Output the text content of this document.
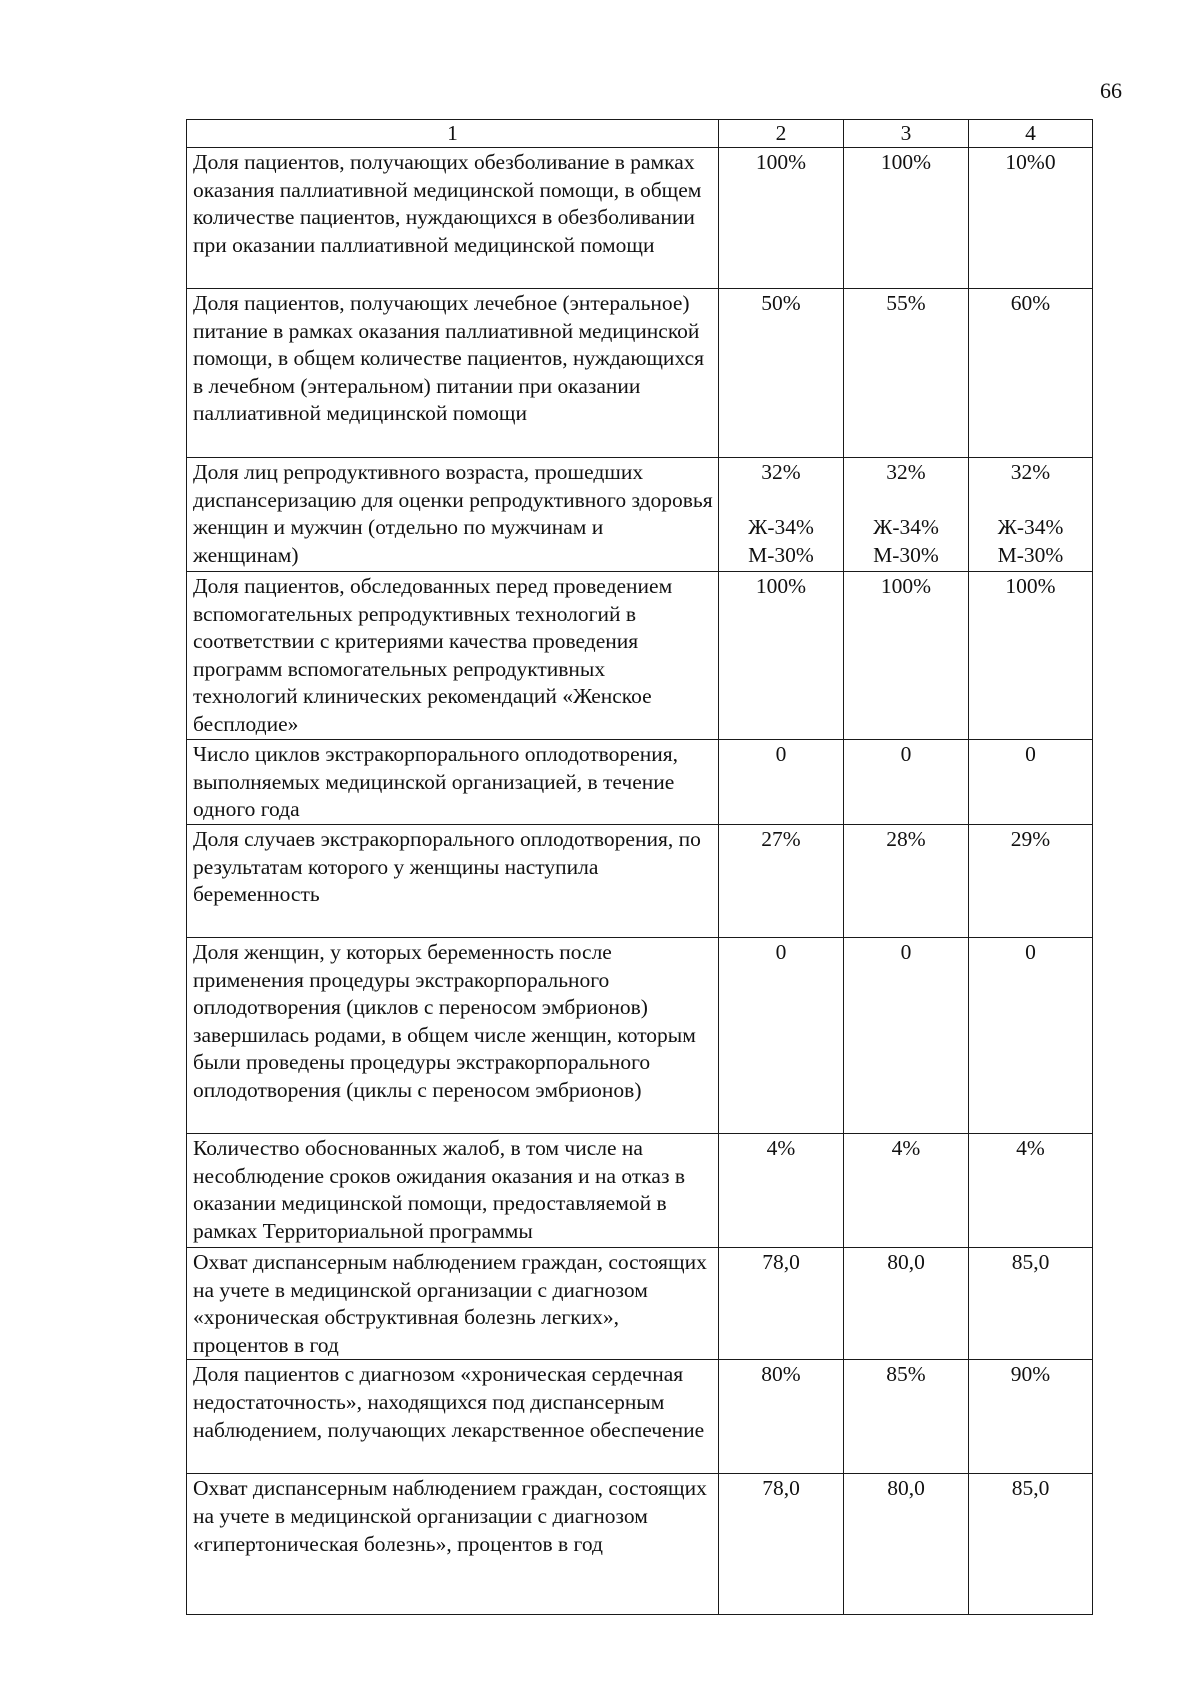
66
1	2	3	4

Доля пациентов, получающих обезболивание в рамках оказания паллиативной медицинской помощи, в общем количестве пациентов, нуждающихся в обезболивании при оказании паллиативной медицинской помощи	100%	100%	10%0

Доля пациентов, получающих лечебное (энтеральное) питание в рамках оказания паллиативной медицинской помощи, в общем количестве пациентов, нуждающихся в лечебном (энтеральном) питании при оказании паллиативной медицинской помощи	50%	55%	60%

Доля лиц репродуктивного возраста, прошедших диспансеризацию для оценки репродуктивного здоровья женщин и мужчин (отдельно по мужчинам и женщинам)	32%
Ж-34%
М-30%	32%
Ж-34%
М-30%	32%
Ж-34%
М-30%

Доля пациентов, обследованных перед проведением вспомогательных репродуктивных технологий в соответствии с критериями качества проведения программ вспомогательных репродуктивных технологий клинических рекомендаций «Женское бесплодие»	100%	100%	100%

Число циклов экстракорпорального оплодотворения, выполняемых медицинской организацией, в течение одного года	0	0	0

Доля случаев экстракорпорального оплодотворения, по результатам которого у женщины наступила беременность	27%	28%	29%

Доля женщин, у которых беременность после применения процедуры экстракорпорального оплодотворения (циклов с переносом эмбрионов) завершилась родами, в общем числе женщин, которым были проведены процедуры экстракорпорального оплодотворения (циклы с переносом эмбрионов)	0	0	0

Количество обоснованных жалоб, в том числе на несоблюдение сроков ожидания оказания и на отказ в оказании медицинской помощи, предоставляемой в рамках Территориальной программы	4%	4%	4%

Охват диспансерным наблюдением граждан, состоящих на учете в медицинской организации с диагнозом «хроническая обструктивная болезнь легких», процентов в год	78,0	80,0	85,0

Доля пациентов с диагнозом «хроническая сердечная недостаточность», находящихся под диспансерным наблюдением, получающих лекарственное обеспечение	80%	85%	90%

Охват диспансерным наблюдением граждан, состоящих на учете в медицинской организации с диагнозом «гипертоническая болезнь», процентов в год	78,0	80,0	85,0
